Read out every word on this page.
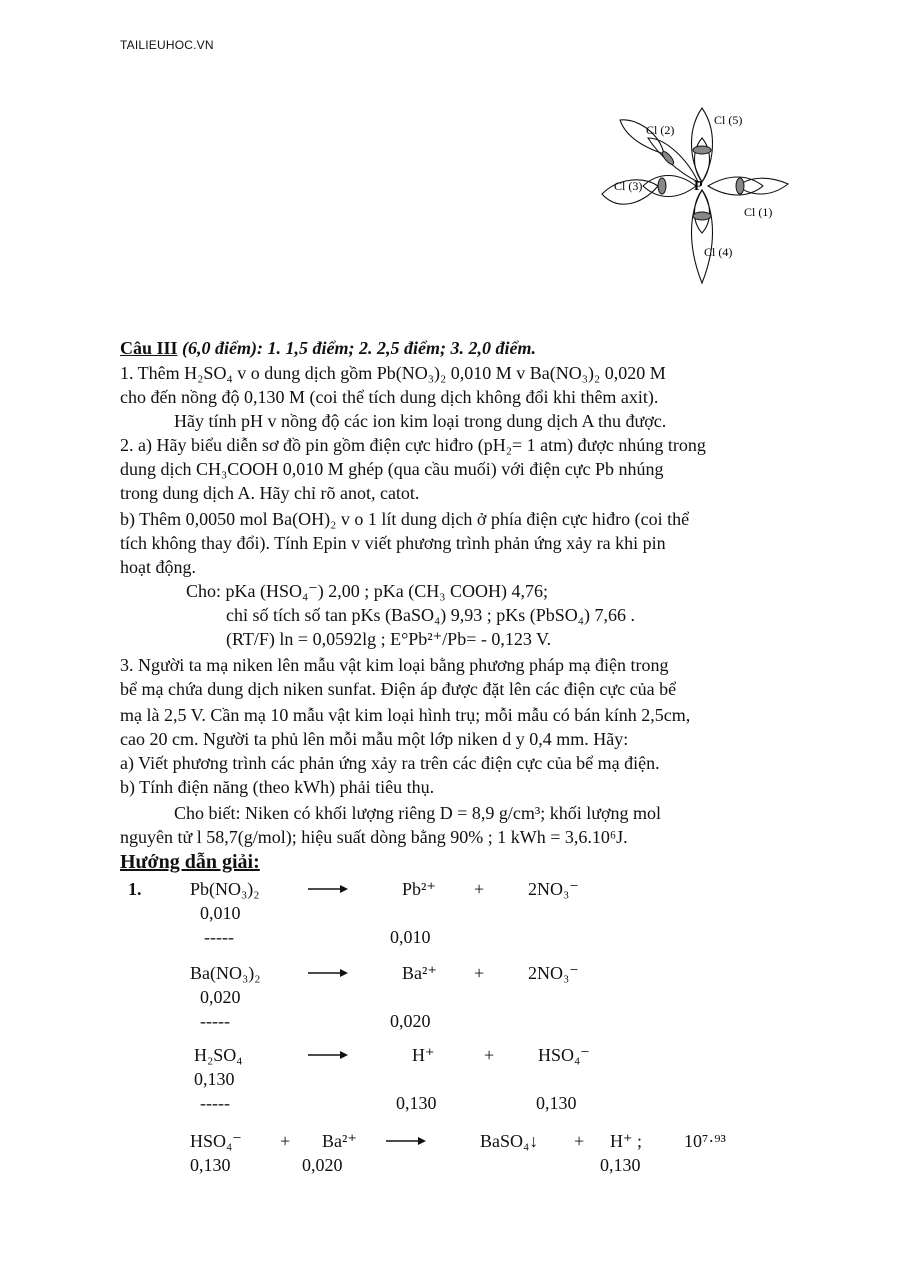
TAILIEUHOC.VN
P
Cl (1)
Cl (2)
Cl (3)
Cl (4)
Cl (5)
Câu III (6,0 điểm): 1. 1,5 điểm; 2. 2,5 điểm; 3. 2,0 điểm.
1. Thêm H₂SO₄ v o dung dịch gồm Pb(NO₃)₂ 0,010 M v Ba(NO₃)₂ 0,020 M
cho đến nồng độ 0,130 M (coi thể tích dung dịch không đổi khi thêm axit).
Hãy tính pH v nồng độ các ion kim loại trong dung dịch A thu được.
2. a) Hãy biểu diễn sơ đồ pin gồm điện cực hiđro (pH₂= 1 atm) được nhúng trong
dung dịch CH₃COOH 0,010 M ghép (qua cầu muối) với điện cực Pb nhúng
trong dung dịch A. Hãy chỉ rõ anot, catot.
b) Thêm 0,0050 mol Ba(OH)₂ v o 1 lít dung dịch ở phía điện cực hiđro (coi thể
tích không thay đổi). Tính Epin v viết phương trình phản ứng xảy ra khi pin
hoạt động.
Cho: pKa (HSO₄⁻) 2,00 ; pKa (CH₃ COOH) 4,76;
chỉ số tích số tan pKs (BaSO₄) 9,93 ; pKs (PbSO₄) 7,66 .
(RT/F) ln = 0,0592lg ; E°Pb²⁺/Pb= - 0,123 V.
3. Người ta mạ niken lên mẫu vật kim loại bằng phương pháp mạ điện trong
bể mạ chứa dung dịch niken sunfat. Điện áp được đặt lên các điện cực của bể
mạ là 2,5 V. Cần mạ 10 mẫu vật kim loại hình trụ; mỗi mẫu có bán kính 2,5cm,
cao 20 cm. Người ta phủ lên mỗi mẫu một lớp niken d y 0,4 mm. Hãy:
a) Viết phương trình các phản ứng xảy ra trên các điện cực của bể mạ điện.
b) Tính điện năng (theo kWh) phải tiêu thụ.
Cho biết: Niken có khối lượng riêng D = 8,9 g/cm³; khối lượng mol
nguyên tử l 58,7(g/mol); hiệu suất dòng bằng 90% ; 1 kWh = 3,6.10⁶J.
Hướng dẫn giải:
1.	Pb(NO₃)₂	Pb²⁺ + 2NO₃⁻
0,010
-----	0,010
Ba(NO₃)₂	Ba²⁺ + 2NO₃⁻
0,020
-----	0,020
H₂SO₄	H⁺	+ HSO₄⁻
0,130
-----	0,130	0,130
HSO₄⁻ + Ba²⁺	BaSO₄↓ + H⁺ ; 10⁷·⁹³
0,130	0,020	0,130
